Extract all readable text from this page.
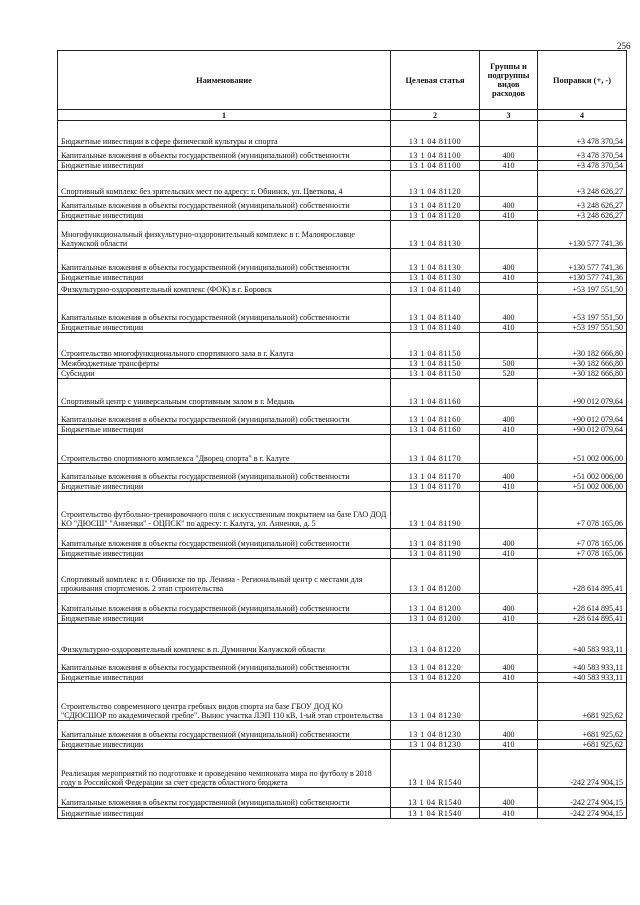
256
Наименование	Целевая статья	Группы и подгруппы видов расходов	Поправки (+, -)
1	2	3	4
Бюджетные инвестиции в сфере физической культуры и спорта	13 1 04 81100		+3 478 370,54
Капитальные вложения в объекты государственной (муниципальной) собственности	13 1 04 81100	400	+3 478 370,54
Бюджетные инвестиции	13 1 04 81100	410	+3 478 370,54
Спортивный комплекс без зрительских мест по адресу: г. Обнинск, ул. Цветкова, 4	13 1 04 81120		+3 248 626,27
Капитальные вложения в объекты государственной (муниципальной) собственности	13 1 04 81120	400	+3 248 626,27
Бюджетные инвестиции	13 1 04 81120	410	+3 248 626,27
Многофункциональный физкультурно-оздоровительный комплекс в г. Малоярославце Калужской области	13 1 04 81130		+130 577 741,36
Капитальные вложения в объекты государственной (муниципальной) собственности	13 1 04 81130	400	+130 577 741,36
Бюджетные инвестиции	13 1 04 81130	410	+130 577 741,36
Физкультурно-оздоровительный комплекс (ФОК) в г. Боровск	13 1 04 81140		+53 197 551,50
Капитальные вложения в объекты государственной (муниципальной) собственности	13 1 04 81140	400	+53 197 551,50
Бюджетные инвестиции	13 1 04 81140	410	+53 197 551,50
Строительство многофункционального спортивного зала в г. Калуга	13 1 04 81150		+30 182 666,80
Межбюджетные трансферты	13 1 04 81150	500	+30 182 666,80
Субсидии	13 1 04 81150	520	+30 182 666,80
Спортивный центр с универсальным спортивным залом в г. Медынь	13 1 04 81160		+90 012 079,64
Капитальные вложения в объекты государственной (муниципальной) собственности	13 1 04 81160	400	+90 012 079,64
Бюджетные инвестиции	13 1 04 81160	410	+90 012 079,64
Строительство спортивного комплекса "Дворец спорта" в г. Калуге	13 1 04 81170		+51 002 006,00
Капитальные вложения в объекты государственной (муниципальной) собственности	13 1 04 81170	400	+51 002 006,00
Бюджетные инвестиции	13 1 04 81170	410	+51 002 006,00
Строительство футбольно-тренировочного поля с искусственным покрытием на базе ГАО ДОД КО "ДЮСШ" "Анненки" - ОЦПСК" по адресу: г. Калуга, ул. Анненки, д. 5	13 1 04 81190		+7 078 165,06
Капитальные вложения в объекты государственной (муниципальной) собственности	13 1 04 81190	400	+7 078 165,06
Бюджетные инвестиции	13 1 04 81190	410	+7 078 165,06
Спортивный комплекс в г. Обнинске по пр. Ленина - Региональный центр с местами для проживания спортсменов. 2 этап строительства	13 1 04 81200		+28 614 895,41
Капитальные вложения в объекты государственной (муниципальной) собственности	13 1 04 81200	400	+28 614 895,41
Бюджетные инвестиции	13 1 04 81200	410	+28 614 895,41
Физкультурно-оздоровительный комплекс в п. Думиничи Калужской области	13 1 04 81220		+40 583 933,11
Капитальные вложения в объекты государственной (муниципальной) собственности	13 1 04 81220	400	+40 583 933,11
Бюджетные инвестиции	13 1 04 81220	410	+40 583 933,11
Строительство современного центра гребных видов спорта на базе ГБОУ ДОД КО "СДЮСШОР по академической гребле". Вынос участка ЛЭП 110 кВ, 1-ый этап строительства	13 1 04 81230		+681 925,62
Капитальные вложения в объекты государственной (муниципальной) собственности	13 1 04 81230	400	+681 925,62
Бюджетные инвестиции	13 1 04 81230	410	+681 925,62
Реализация мероприятий по подготовке и проведению чемпионата мира по футболу в 2018 году в Российской Федерации за счет средств областного бюджета	13 1 04 R1540		-242 274 904,15
Капитальные вложения в объекты государственной (муниципальной) собственности	13 1 04 R1540	400	-242 274 904,15
Бюджетные инвестиции	13 1 04 R1540	410	-242 274 904,15
